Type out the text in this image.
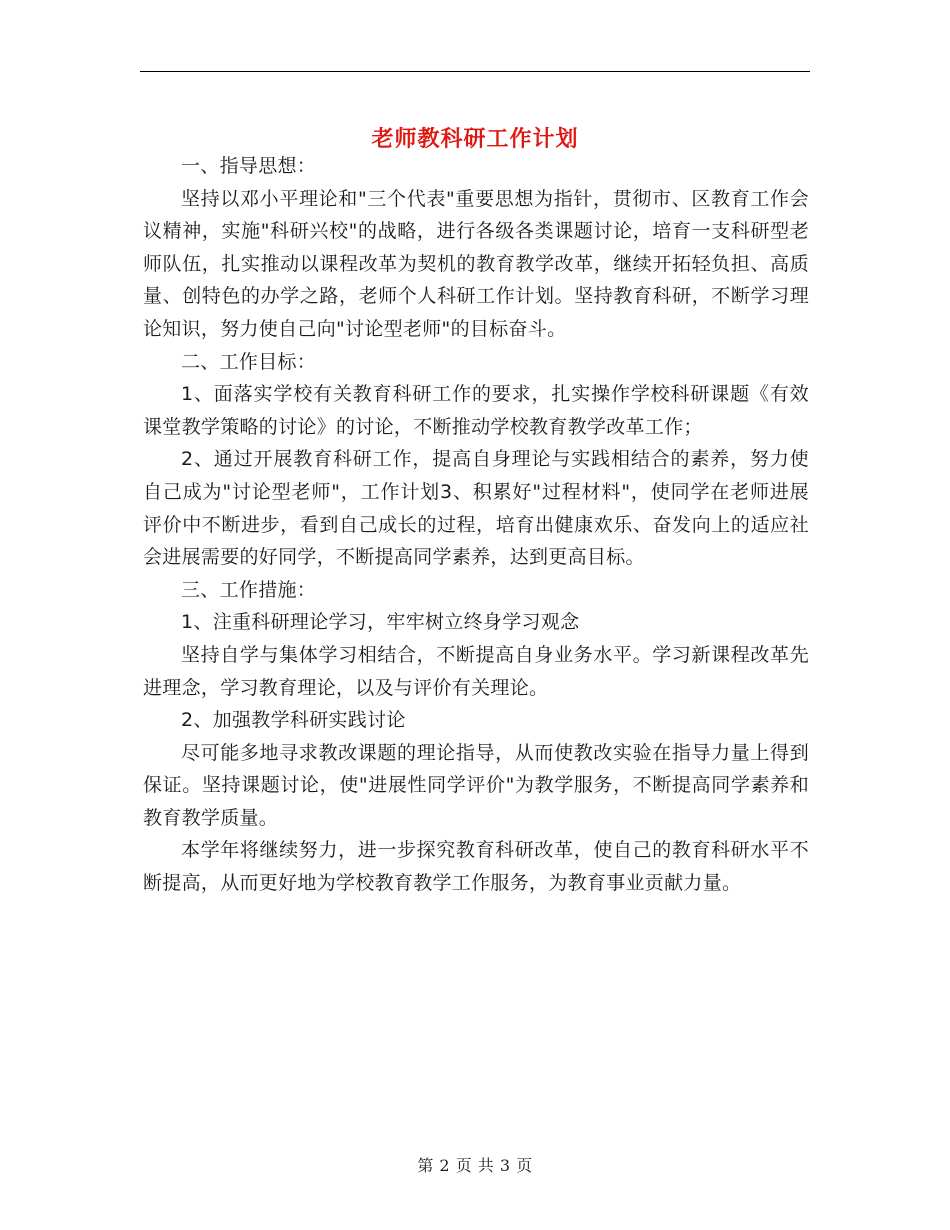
老师教科研工作计划

一、指导思想：

坚持以邓小平理论和"三个代表"重要思想为指针，贯彻市、区教育工作会议精神，实施"科研兴校"的战略，进行各级各类课题讨论，培育一支科研型老师队伍，扎实推动以课程改革为契机的教育教学改革，继续开拓轻负担、高质量、创特色的办学之路，老师个人科研工作计划。坚持教育科研，不断学习理论知识，努力使自己向"讨论型老师"的目标奋斗。

二、工作目标：

1、面落实学校有关教育科研工作的要求，扎实操作学校科研课题《有效课堂教学策略的讨论》的讨论，不断推动学校教育教学改革工作；

2、通过开展教育科研工作，提高自身理论与实践相结合的素养，努力使自己成为"讨论型老师"，工作计划3、积累好"过程材料"，使同学在老师进展评价中不断进步，看到自己成长的过程，培育出健康欢乐、奋发向上的适应社会进展需要的好同学，不断提高同学素养，达到更高目标。

三、工作措施：

1、注重科研理论学习，牢牢树立终身学习观念

坚持自学与集体学习相结合，不断提高自身业务水平。学习新课程改革先进理念，学习教育理论，以及与评价有关理论。

2、加强教学科研实践讨论

尽可能多地寻求教改课题的理论指导，从而使教改实验在指导力量上得到保证。坚持课题讨论，使"进展性同学评价"为教学服务，不断提高同学素养和教育教学质量。

本学年将继续努力，进一步探究教育科研改革，使自己的教育科研水平不断提高，从而更好地为学校教育教学工作服务，为教育事业贡献力量。

第 2 页 共 3 页
